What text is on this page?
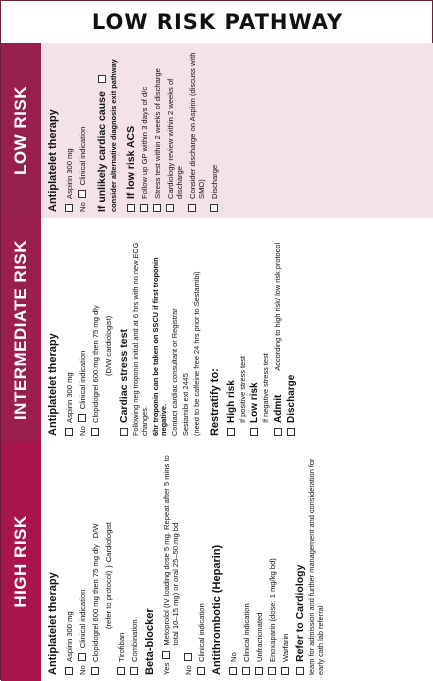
LOW RISK PATHWAY
HIGH RISK
Antiplatelet therapy Aspirin 300 mg
No
Clinical indication Clopidogrel 600 mg then 75 mg dly
D/W
(refer to protocol)
}
Cardiologist
Tirofiban Combination Beta-blocker Yes
Metoprolol (IV loading dose 5 mg. Repeat after 5 mins to total 10–15 mg) or oral 25–50 mg bd
No
Clinical indication Antithrombotic (Heparin) No Clinical indication Unfractionated Enoxaparin (dose: 1 mg/kg bd) Warfarin Refer to Cardiology team for admission and further management and consideration for early cath lab referral
INTERMEDIATE RISK	Antiplatelet therapy Aspirin 300 mg
No
Clinical indication Clopidogrel 600 mg then 75 mg dly (D/W cardiologist) Cardiac stress test Following neg troponin initial and at 6 hrs with no new ECG changes. 6hr troponin can be taken on SSCU if first troponin negative. Contact cardiac consultant or Registrar Sestamibi ext 2445 (need to be caffeine free 24 hrs prior to Sestamibi) Restratify to: High risk If positive stress test Low risk If negative stress test Admit
According to high risk/ low risk protocol
Discharge
LOW RISK	Antiplatelet therapy Aspirin 300 mg
No
Clinical indication If unlikely cardiac cause consider alternative diagnosis exit pathway If low risk ACS Follow up GP within 3 days of d/c Stress test within 2 weeks of discharge Cardiology review within 2 weeks of discharge Consider discharge on Aspirin (discuss with SMO) Discharge
